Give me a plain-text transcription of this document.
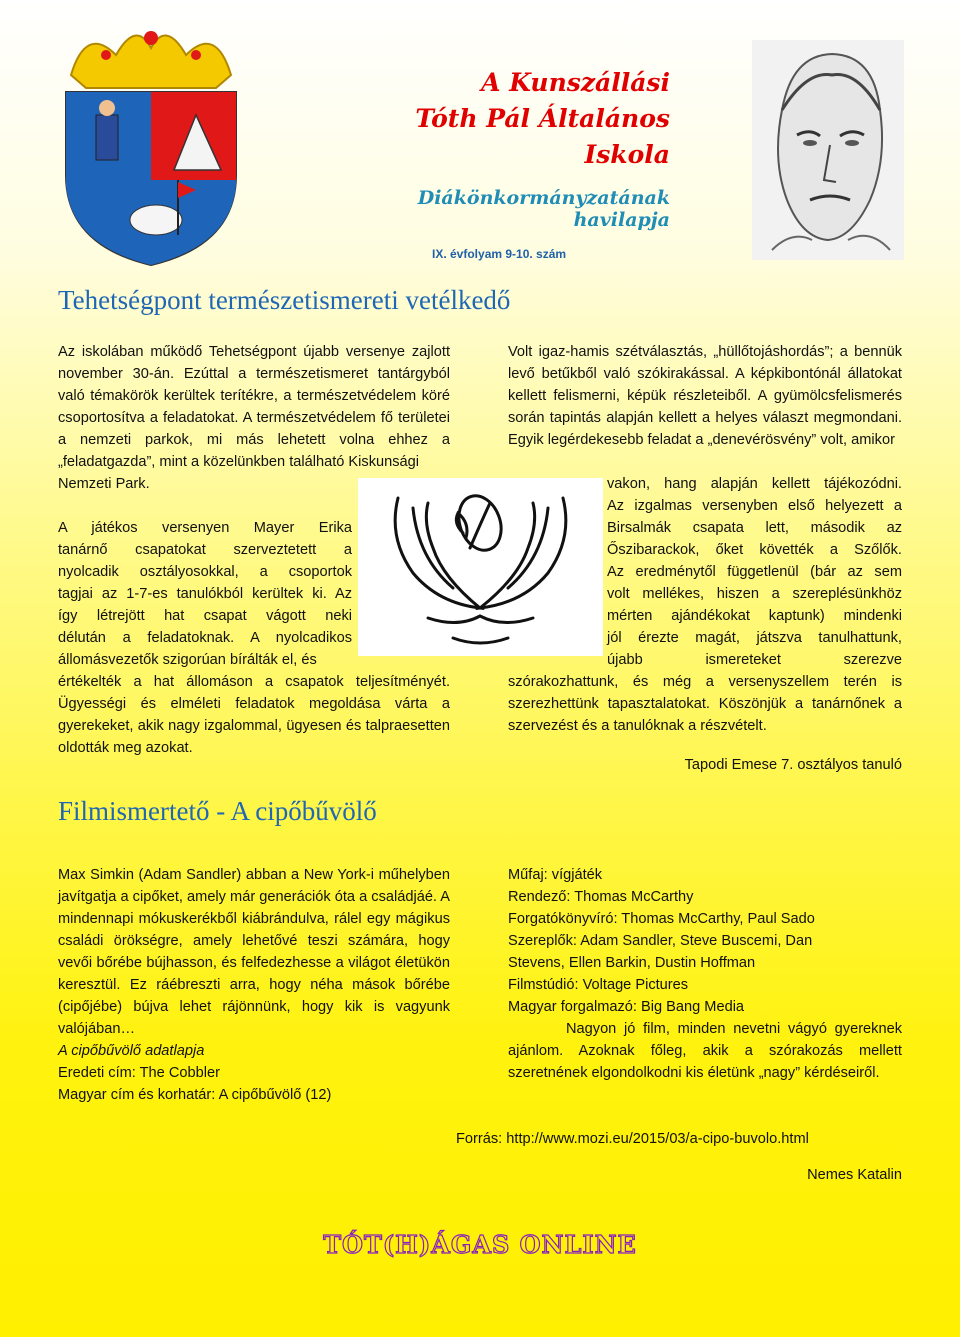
A Kunszállási
Tóth Pál Általános Iskola
Diákönkormányzatának havilapja
IX. évfolyam 9-10. szám
Tehetségpont természetismereti vetélkedő

Az iskolában működő Tehetségpont újabb versenye zajlott november 30-án. Ezúttal a természetismeret tantárgyból való témakörök kerültek terítékre, a természetvédelem köré csoportosítva a feladatokat. A természetvédelem fő területei a nemzeti parkok, mi más lehetett volna ehhez a „feladatgazda”, mint a közelünkben található Kiskunsági

Nemzeti Park.

A játékos versenyen Mayer Erika
tanárnő csapatokat szerveztetett a
nyolcadik osztályosokkal, a csoportok
tagjai az 1-7-es tanulókból kerültek ki. Az
így létrejött hat csapat vágott neki
délután a feladatoknak. A nyolcadikos
állomásvezetők szigorúan bírálták el, és
értékelték a hat állomáson a csapatok teljesítményét. Ügyességi és elméleti feladatok megoldása várta a gyerekeket, akik nagy izgalommal, ügyesen és talpraesetten oldották meg azokat.
Volt igaz-hamis szétválasztás, „hüllőtojáshordás”; a bennük levő betűkből való szókirakással. A képkibontónál állatokat kellett felismerni, képük részleteiből. A gyümölcsfelismerés során tapintás alapján kellett a helyes választ megmondani. Egyik legérdekesebb feladat a „denevérösvény” volt, amikor
vakon, hang alapján kellett tájékozódni.
Az izgalmas versenyben első helyezett a
Birsalmák csapata lett, második az
Őszibarackok, őket követték a Szőlők.
Az eredménytől függetlenül (bár az sem
volt mellékes, hiszen a szereplésünkhöz
mérten ajándékokat kaptunk) mindenki
jól érezte magát, játszva tanulhattunk,
újabb ismereteket szerezve
szórakozhattunk, és még a versenyszellem terén is szerezhettünk tapasztalatokat. Köszönjük a tanárnőnek a szervezést és a tanulóknak a részvételt.
Tapodi Emese 7. osztályos tanuló
Filmismertető - A cipőbűvölő

Max Simkin (Adam Sandler) abban a New York-i műhelyben javítgatja a cipőket, amely már generációk óta a családjáé. A mindennapi mókuskerékből kiábrándulva, rálel egy mágikus családi örökségre, amely lehetővé teszi számára, hogy vevői bőrébe bújhasson, és felfedezhesse a világot életükön keresztül. Ez ráébreszti arra, hogy néha mások bőrébe (cipőjébe) bújva lehet rájönnünk, hogy kik is vagyunk valójában…

A cipőbűvölő adatlapja

Eredeti cím: The Cobbler

Magyar cím és korhatár: A cipőbűvölő (12)

Műfaj: vígjáték

Rendező: Thomas McCarthy

Forgatókönyvíró: Thomas McCarthy, Paul Sado

Szereplők: Adam Sandler, Steve Buscemi, Dan Stevens, Ellen Barkin, Dustin Hoffman

Filmstúdió: Voltage Pictures

Magyar forgalmazó: Big Bang Media

Nagyon jó film, minden nevetni vágyó gyereknek ajánlom. Azoknak főleg, akik a szórakozás mellett szeretnének elgondolkodni kis életünk „nagy” kérdéseiről.

Forrás: http://www.mozi.eu/2015/03/a-cipo-buvolo.html
Nemes Katalin
TÓT(H)ÁGAS ONLINE
